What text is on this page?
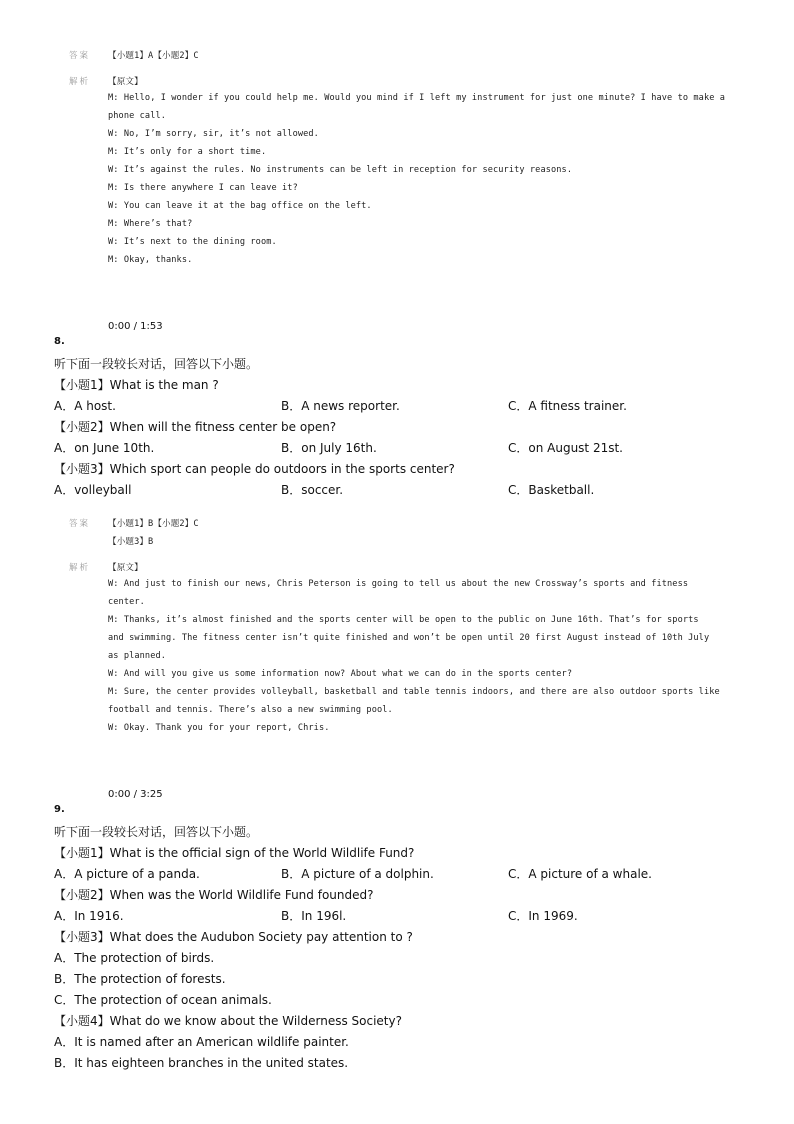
答案 【小题1】A【小题2】C
解析 【原文】
M: Hello, I wonder if you could help me. Would you mind if I left my instrument for just one minute? I have to make a
phone call.
W: No, I’m sorry, sir, it’s not allowed.
M: It’s only for a short time.
W: It’s against the rules. No instruments can be left in reception for security reasons.
M: Is there anywhere I can leave it?
W: You can leave it at the bag office on the left.
M: Where’s that?
W: It’s next to the dining room.
M: Okay, thanks.
0:00 / 1:53
8.
听下面一段较长对话，回答以下小题。
【小题1】What is the man ?
A．A host.	B．A news reporter.	C．A fitness trainer.
【小题2】When will the fitness center be open?
A．on June 10th.	B．on July 16th.	C．on August 21st.
【小题3】Which sport can people do outdoors in the sports center?
A．volleyball	B．soccer.	C．Basketball.
答案 【小题1】B【小题2】C
【小题3】B
解析 【原文】
W: And just to finish our news, Chris Peterson is going to tell us about the new Crossway’s sports and fitness
center.
M: Thanks, it’s almost finished and the sports center will be open to the public on June 16th. That’s for sports
and swimming. The fitness center isn’t quite finished and won’t be open until 20 first August instead of 10th July
as planned.
W: And will you give us some information now? About what we can do in the sports center?
M: Sure, the center provides volleyball, basketball and table tennis indoors, and there are also outdoor sports like
football and tennis. There’s also a new swimming pool.
W: Okay. Thank you for your report, Chris.
0:00 / 3:25
9.
听下面一段较长对话，回答以下小题。
【小题1】What is the official sign of the World Wildlife Fund?
A．A picture of a panda.	B．A picture of a dolphin.	C．A picture of a whale.
【小题2】When was the World Wildlife Fund founded?
A．In 1916.	B．In 196l.	C．In 1969.
【小题3】What does the Audubon Society pay attention to ?
A．The protection of birds.
B．The protection of forests.
C．The protection of ocean animals.
【小题4】What do we know about the Wilderness Society?
A．It is named after an American wildlife painter.
B．It has eighteen branches in the united states.
